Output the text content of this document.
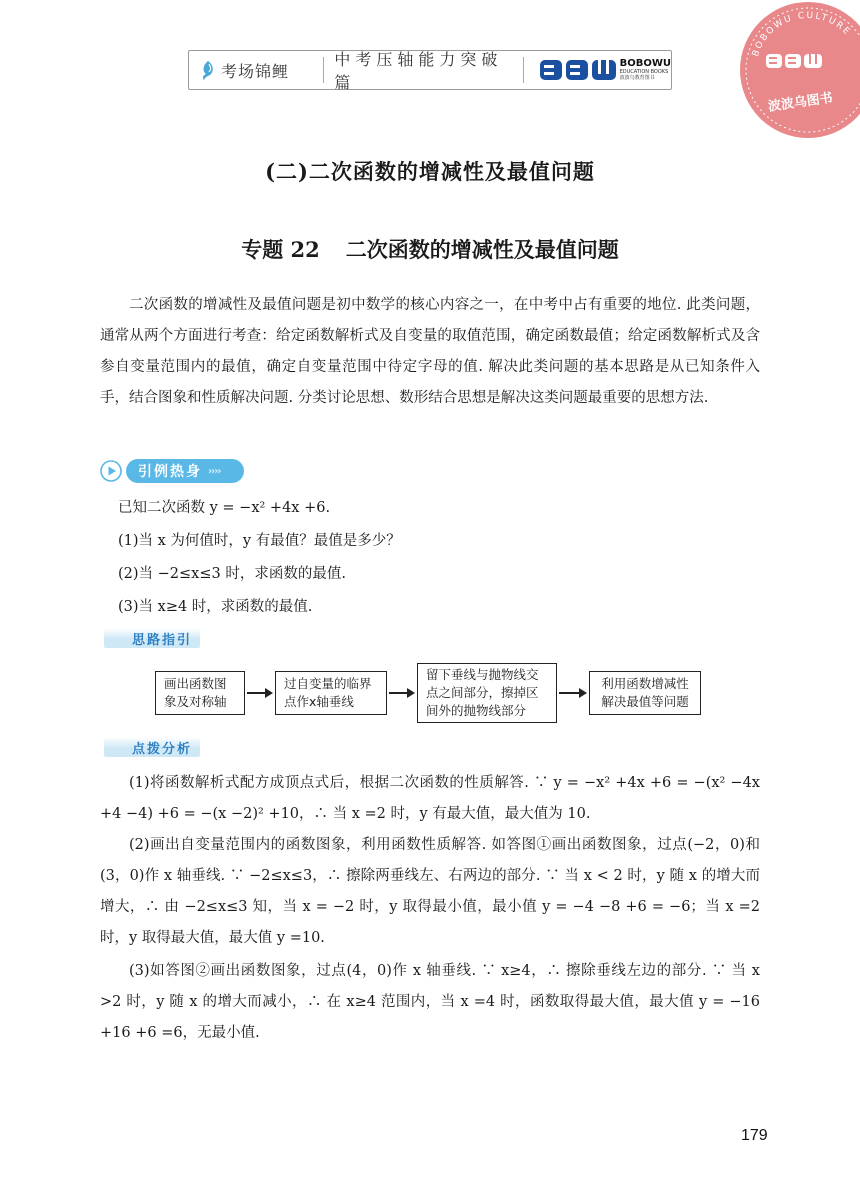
考场锦鲤
中考压轴能力突破篇
BOBOWU
EDUCATION BOOKS
波波乌教育图书
BOBOWU CULTURE
波波乌图书
(二)二次函数的增减性及最值问题
专题 22 二次函数的增减性及最值问题

二次函数的增减性及最值问题是初中数学的核心内容之一，在中考中占有重要的地位. 此类问题，通常从两个方面进行考查：给定函数解析式及自变量的取值范围，确定函数最值；给定函数解析式及含参自变量范围内的最值，确定自变量范围中待定字母的值. 解决此类问题的基本思路是从已知条件入手，结合图象和性质解决问题. 分类讨论思想、数形结合思想是解决这类问题最重要的思想方法.

引例热身 ››››
已知二次函数 y = −x² +4x +6.
(1)当 x 为何值时，y 有最值？最值是多少？
(2)当 −2≤x≤3 时，求函数的最值.
(3)当 x≥4 时，求函数的最值.
思路指引
画出函数图象及对称轴
过自变量的临界点作x轴垂线
留下垂线与抛物线交点之间部分，擦掉区间外的抛物线部分
利用函数增减性解决最值等问题
点拨分析

(1)将函数解析式配方成顶点式后，根据二次函数的性质解答. ∵ y = −x² +4x +6 = −(x² −4x +4 −4) +6 = −(x −2)² +10，∴ 当 x =2 时，y 有最大值，最大值为 10.

(2)画出自变量范围内的函数图象，利用函数性质解答. 如答图①画出函数图象，过点(−2，0)和(3，0)作 x 轴垂线. ∵ −2≤x≤3，∴ 擦除两垂线左、右两边的部分. ∵ 当 x < 2 时，y 随 x 的增大而增大，∴ 由 −2≤x≤3 知，当 x = −2 时，y 取得最小值，最小值 y = −4 −8 +6 = −6；当 x =2 时，y 取得最大值，最大值 y =10.

(3)如答图②画出函数图象，过点(4，0)作 x 轴垂线. ∵ x≥4，∴ 擦除垂线左边的部分. ∵ 当 x >2 时，y 随 x 的增大而减小，∴ 在 x≥4 范围内，当 x =4 时，函数取得最大值，最大值 y = −16 +16 +6 =6，无最小值.

179
